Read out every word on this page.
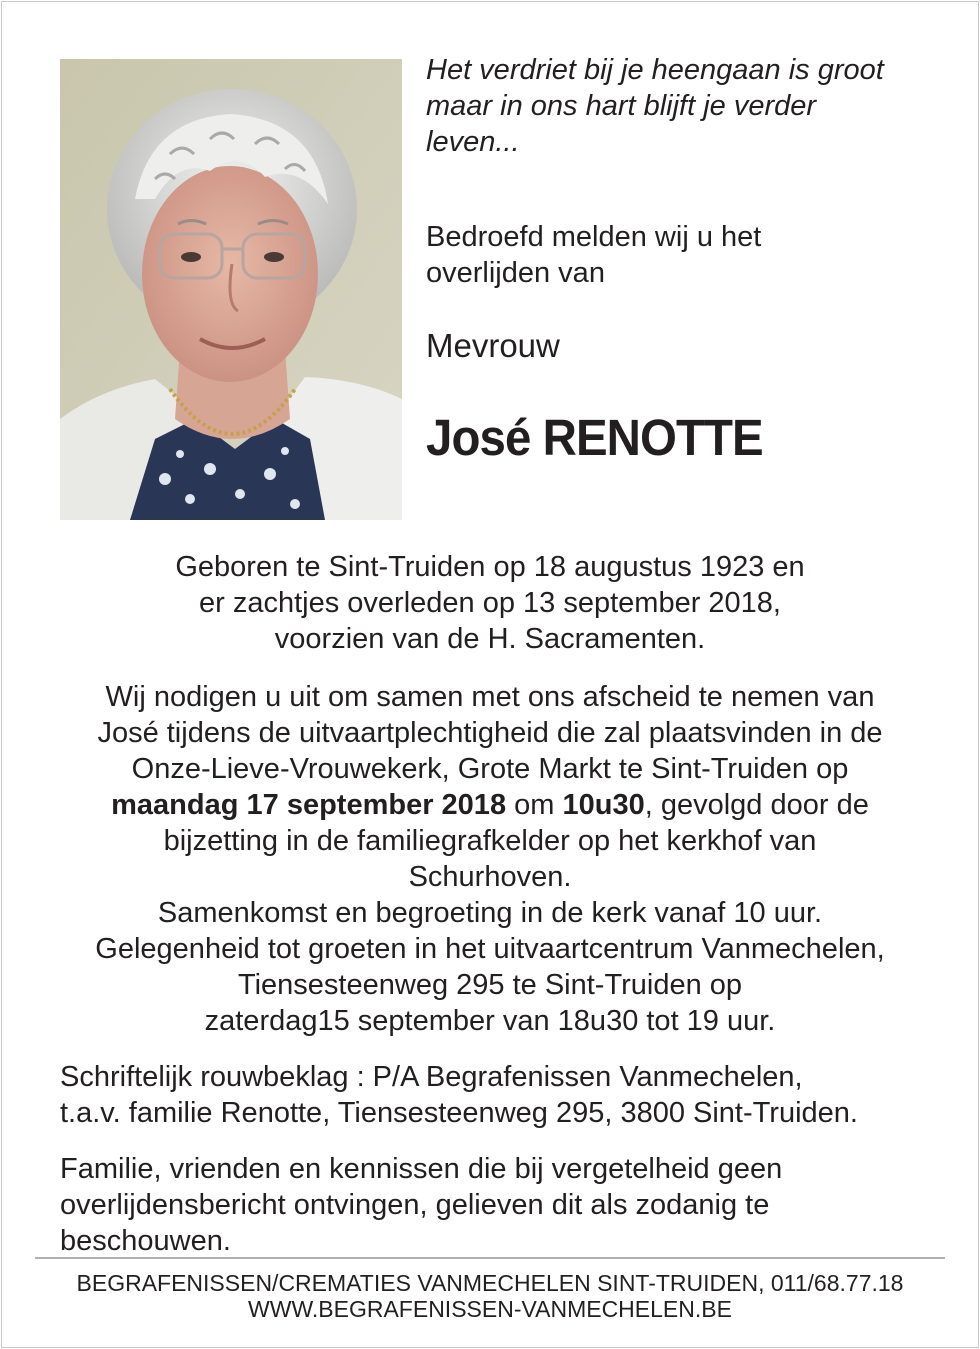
Het verdriet bij je heengaan is groot
maar in ons hart blijft je verder
leven...
Bedroefd melden wij u het
overlijden van
Mevrouw
José RENOTTE
Geboren te Sint-Truiden op 18 augustus 1923 en
er zachtjes overleden op 13 september 2018,
voorzien van de H. Sacramenten.
Wij nodigen u uit om samen met ons afscheid te nemen van
José tijdens de uitvaartplechtigheid die zal plaatsvinden in de
Onze-Lieve-Vrouwekerk, Grote Markt te Sint-Truiden op
maandag 17 september 2018 om 10u30, gevolgd door de
bijzetting in de familiegrafkelder op het kerkhof van
Schurhoven.
Samenkomst en begroeting in de kerk vanaf 10 uur.
Gelegenheid tot groeten in het uitvaartcentrum Vanmechelen,
Tiensesteenweg 295 te Sint-Truiden op
zaterdag15 september van 18u30 tot 19 uur.
Schriftelijk rouwbeklag : P/A Begrafenissen Vanmechelen,
t.a.v. familie Renotte, Tiensesteenweg 295, 3800 Sint-Truiden.
Familie, vrienden en kennissen die bij vergetelheid geen
overlijdensbericht ontvingen, gelieven dit als zodanig te
beschouwen.
BEGRAFENISSEN/CREMATIES VANMECHELEN SINT-TRUIDEN, 011/68.77.18
WWW.BEGRAFENISSEN-VANMECHELEN.BE
